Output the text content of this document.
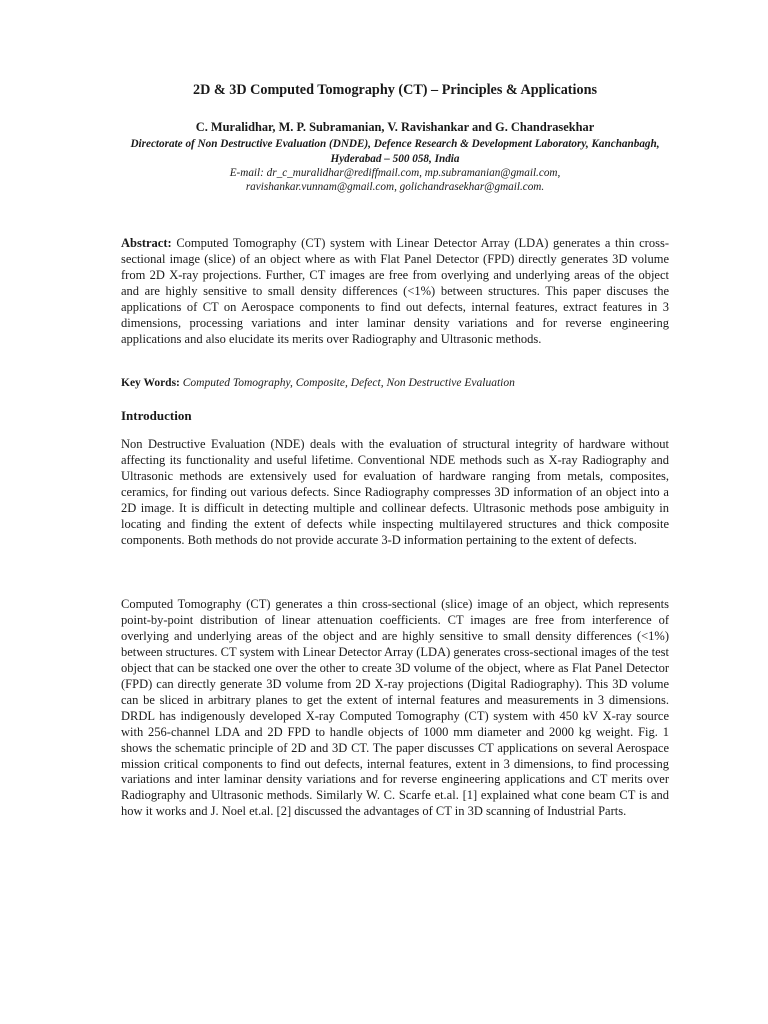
2D & 3D Computed Tomography (CT) – Principles & Applications
C. Muralidhar, M. P. Subramanian, V. Ravishankar and G. Chandrasekhar
Directorate of Non Destructive Evaluation (DNDE), Defence Research & Development Laboratory, Kanchanbagh, Hyderabad – 500 058, India
E-mail: dr_c_muralidhar@rediffmail.com, mp.subramanian@gmail.com,
ravishankar.vunnam@gmail.com, golichandrasekhar@gmail.com.

Abstract: Computed Tomography (CT) system with Linear Detector Array (LDA) generates a thin cross-sectional image (slice) of an object where as with Flat Panel Detector (FPD) directly generates 3D volume from 2D X-ray projections. Further, CT images are free from overlying and underlying areas of the object and are highly sensitive to small density differences (<1%) between structures. This paper discuses the applications of CT on Aerospace components to find out defects, internal features, extract features in 3 dimensions, processing variations and inter laminar density variations and for reverse engineering applications and also elucidate its merits over Radiography and Ultrasonic methods.

Key Words: Computed Tomography, Composite, Defect, Non Destructive Evaluation

Introduction

Non Destructive Evaluation (NDE) deals with the evaluation of structural integrity of hardware without affecting its functionality and useful lifetime. Conventional NDE methods such as X-ray Radiography and Ultrasonic methods are extensively used for evaluation of hardware ranging from metals, composites, ceramics, for finding out various defects. Since Radiography compresses 3D information of an object into a 2D image. It is difficult in detecting multiple and collinear defects. Ultrasonic methods pose ambiguity in locating and finding the extent of defects while inspecting multilayered structures and thick composite components. Both methods do not provide accurate 3-D information pertaining to the extent of defects.

Computed Tomography (CT) generates a thin cross-sectional (slice) image of an object, which represents point-by-point distribution of linear attenuation coefficients. CT images are free from interference of overlying and underlying areas of the object and are highly sensitive to small density differences (<1%) between structures. CT system with Linear Detector Array (LDA) generates cross-sectional images of the test object that can be stacked one over the other to create 3D volume of the object, where as Flat Panel Detector (FPD) can directly generate 3D volume from 2D X-ray projections (Digital Radiography). This 3D volume can be sliced in arbitrary planes to get the extent of internal features and measurements in 3 dimensions. DRDL has indigenously developed X-ray Computed Tomography (CT) system with 450 kV X-ray source with 256-channel LDA and 2D FPD to handle objects of 1000 mm diameter and 2000 kg weight. Fig. 1 shows the schematic principle of 2D and 3D CT. The paper discusses CT applications on several Aerospace mission critical components to find out defects, internal features, extent in 3 dimensions, to find processing variations and inter laminar density variations and for reverse engineering applications and CT merits over Radiography and Ultrasonic methods. Similarly W. C. Scarfe et.al. [1] explained what cone beam CT is and how it works and J. Noel et.al. [2] discussed the advantages of CT in 3D scanning of Industrial Parts.
